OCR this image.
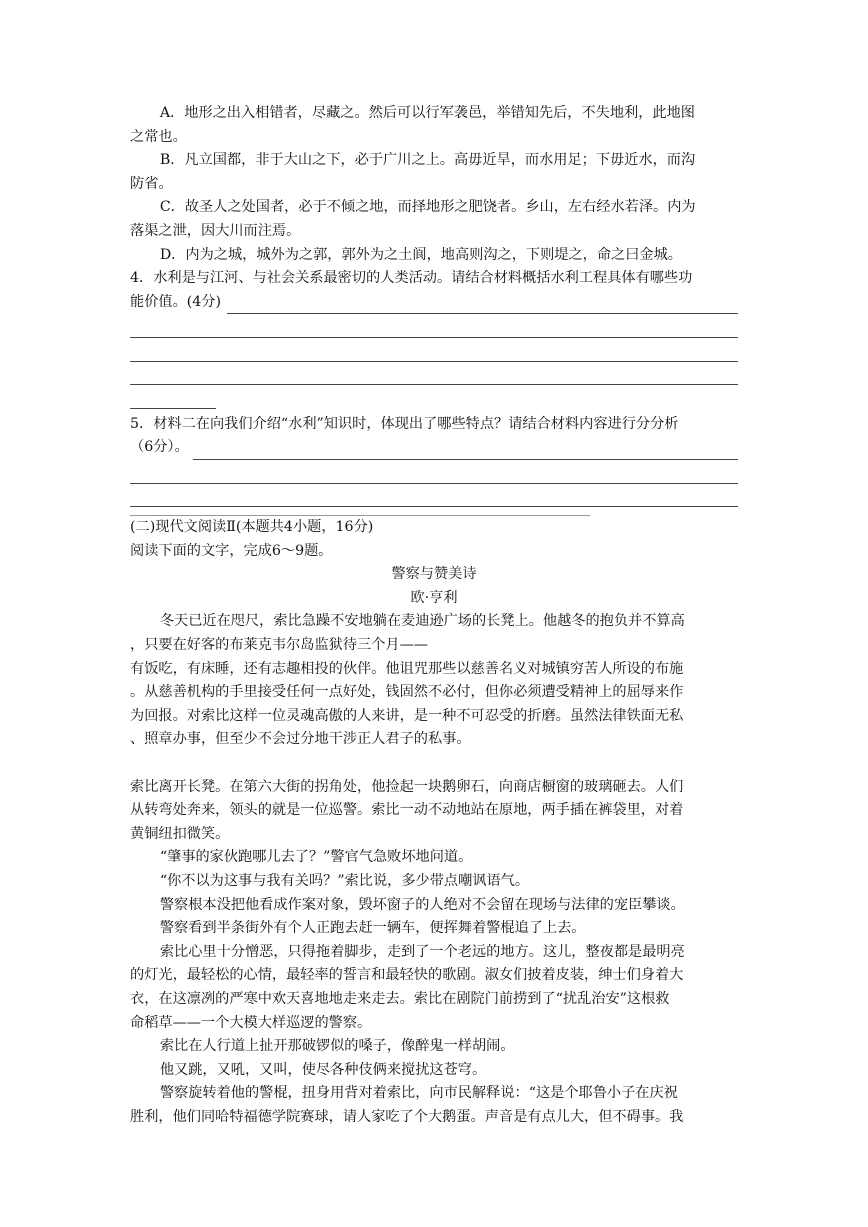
A．地形之出入相错者，尽藏之。然后可以行军袭邑，举错知先后，不失地利，此地图

之常也。

B．凡立国都，非于大山之下，必于广川之上。高毋近旱，而水用足；下毋近水，而沟

防省。

C．故圣人之处国者，必于不倾之地，而择地形之肥饶者。乡山，左右经水若泽。内为

落渠之泄，因大川而注焉。

D．内为之城，城外为之郭，郭外为之土阆，地高则沟之，下则堤之，命之曰金城。

4．水利是与江河、与社会关系最密切的人类活动。请结合材料概括水利工程具体有哪些功

能价值。(4分)

5．材料二在向我们介绍“水利”知识时，体现出了哪些特点？请结合材料内容进行分分析

（6分）。

(二)现代文阅读Ⅱ(本题共4小题，16分)

阅读下面的文字，完成6～9题。

警察与赞美诗

欧·亨利

冬天已近在咫尺，索比急躁不安地躺在麦迪逊广场的长凳上。他越冬的抱负并不算高

，只要在好客的布莱克韦尔岛监狱待三个月——

有饭吃，有床睡，还有志趣相投的伙伴。他诅咒那些以慈善名义对城镇穷苦人所设的布施

。从慈善机构的手里接受任何一点好处，钱固然不必付，但你必须遭受精神上的屈辱来作

为回报。对索比这样一位灵魂高傲的人来讲，是一种不可忍受的折磨。虽然法律铁面无私

、照章办事，但至少不会过分地干涉正人君子的私事。

索比离开长凳。在第六大街的拐角处，他捡起一块鹅卵石，向商店橱窗的玻璃砸去。人们

从转弯处奔来，领头的就是一位巡警。索比一动不动地站在原地，两手插在裤袋里，对着

黄铜纽扣微笑。

“肇事的家伙跑哪儿去了？”警官气急败坏地问道。

“你不以为这事与我有关吗？”索比说，多少带点嘲讽语气。

警察根本没把他看成作案对象，毁坏窗子的人绝对不会留在现场与法律的宠臣攀谈。

警察看到半条街外有个人正跑去赶一辆车，便挥舞着警棍追了上去。

索比心里十分憎恶，只得拖着脚步，走到了一个老远的地方。这儿，整夜都是最明亮

的灯光，最轻松的心情，最轻率的誓言和最轻快的歌剧。淑女们披着皮装，绅士们身着大

衣，在这凛冽的严寒中欢天喜地地走来走去。索比在剧院门前捞到了“扰乱治安”这根救

命稻草——一个大模大样巡逻的警察。

索比在人行道上扯开那破锣似的嗓子，像醉鬼一样胡闹。

他又跳，又吼，又叫，使尽各种伎俩来搅扰这苍穹。

警察旋转着他的警棍，扭身用背对着索比，向市民解释说：“这是个耶鲁小子在庆祝

胜利，他们同哈特福德学院赛球，请人家吃了个大鹅蛋。声音是有点儿大，但不碍事。我
